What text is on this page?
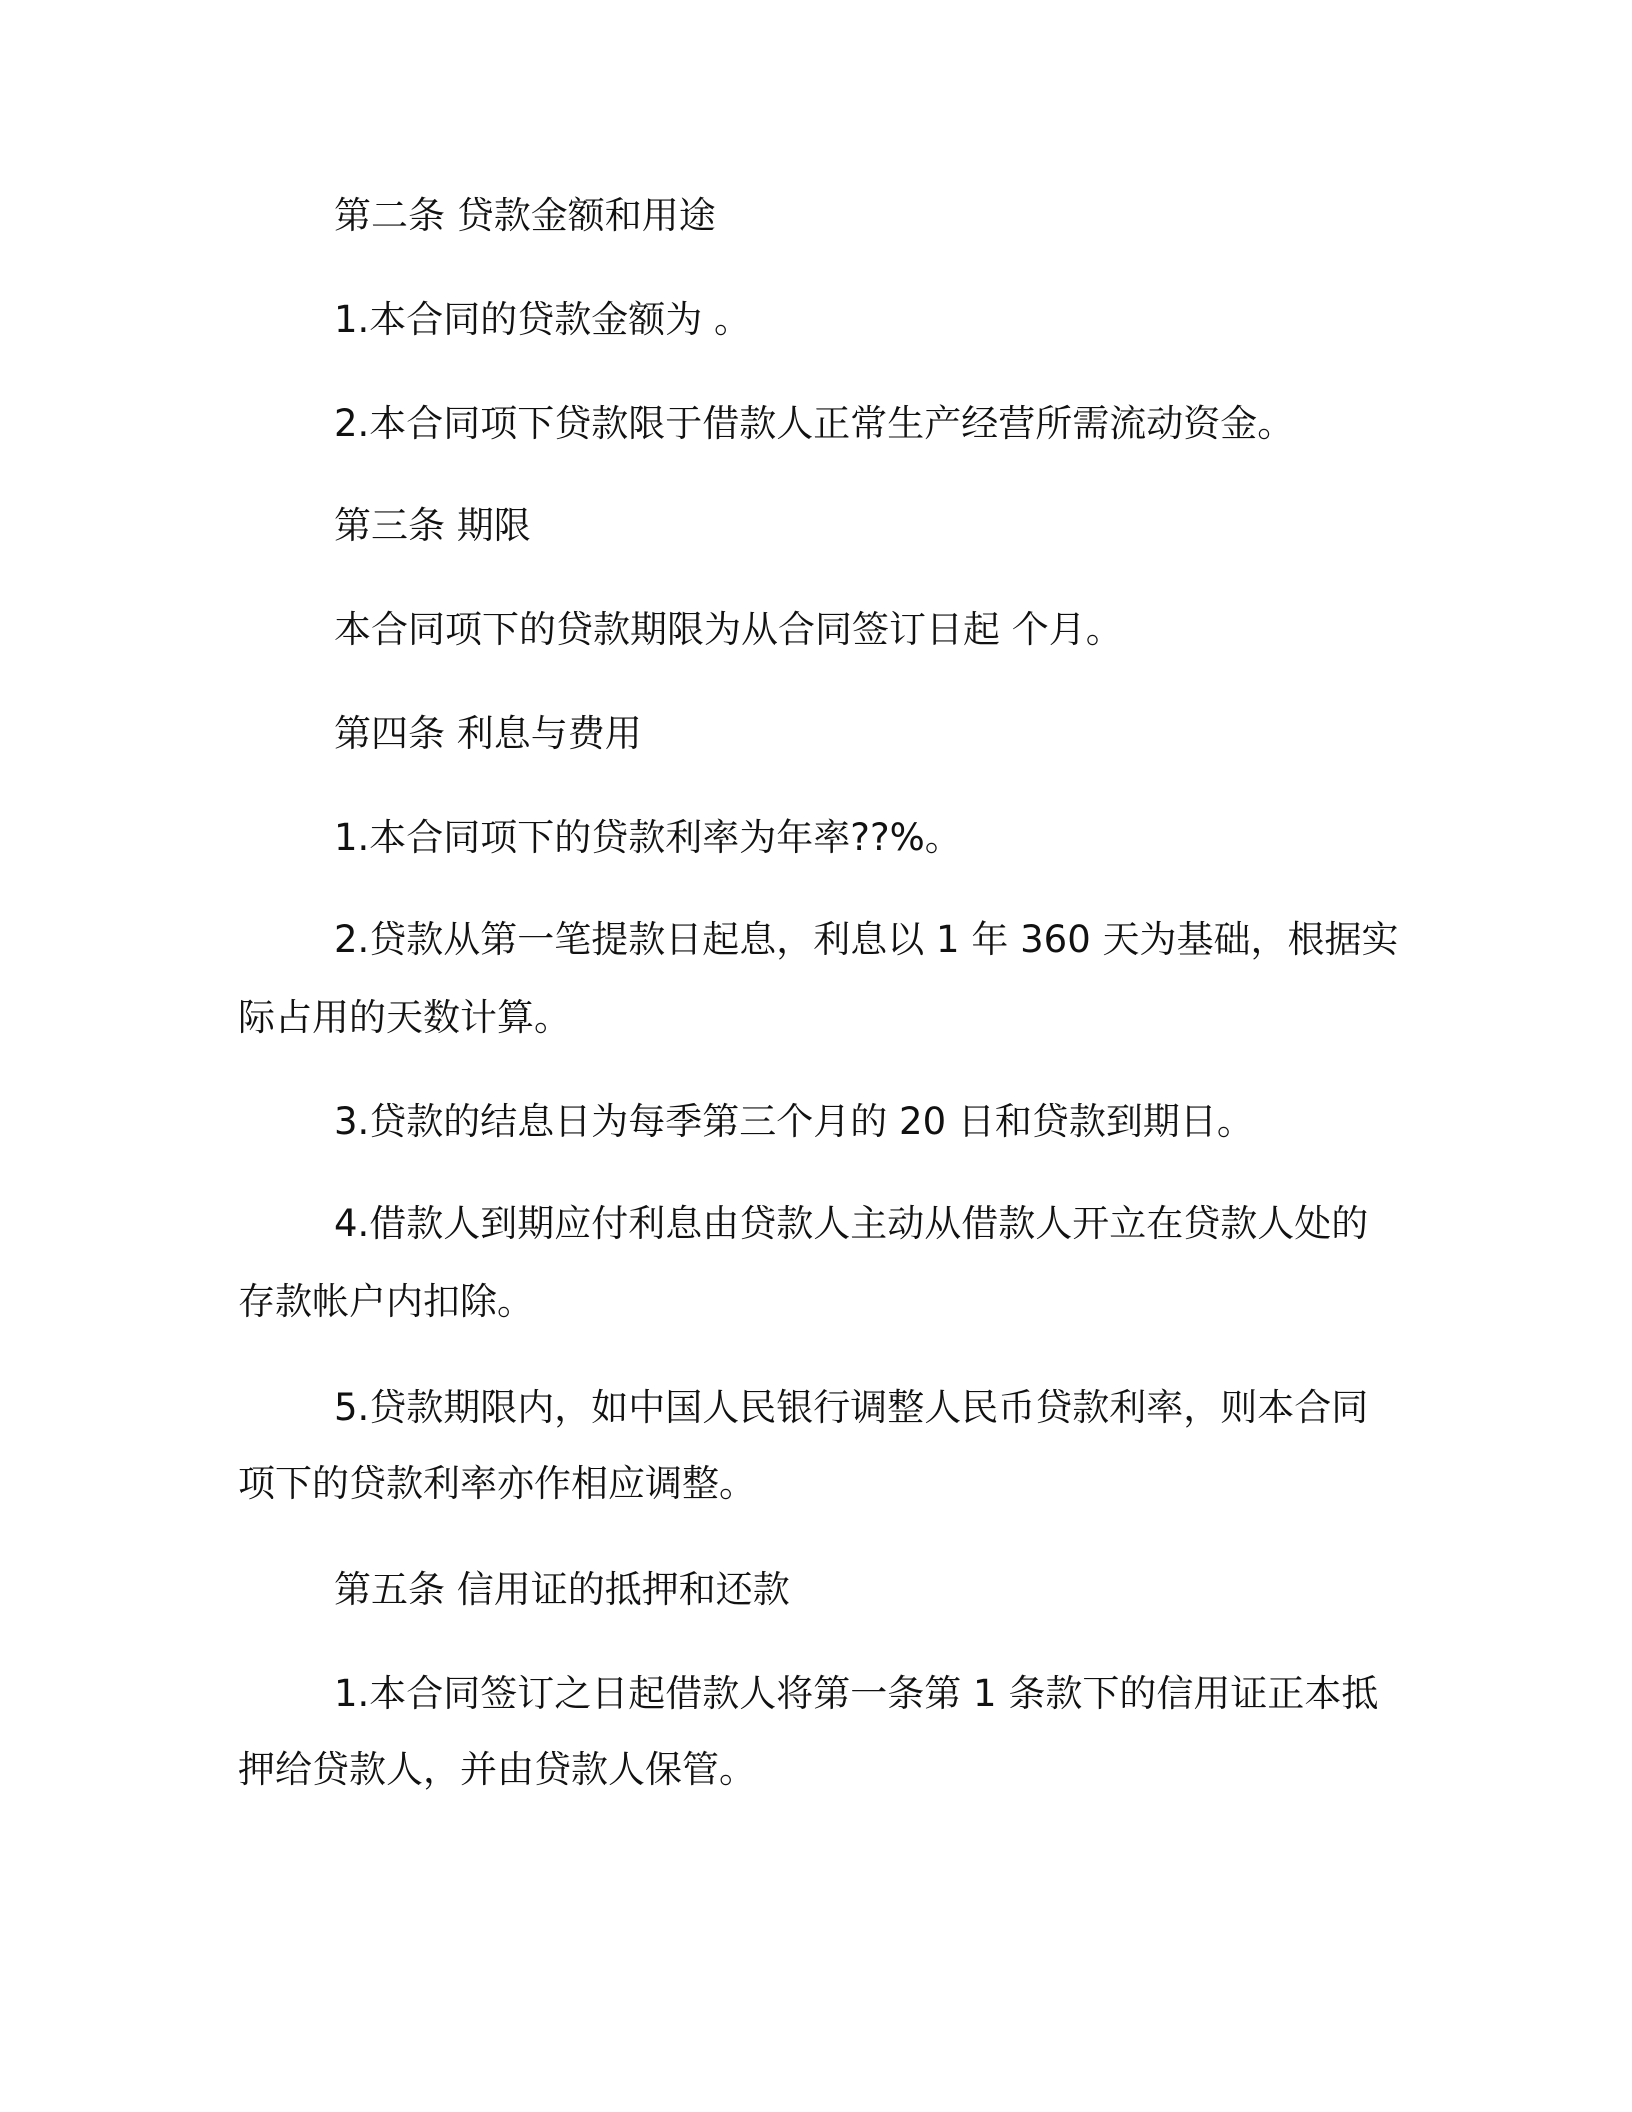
第二条 贷款金额和用途
1.本合同的贷款金额为 。
2.本合同项下贷款限于借款人正常生产经营所需流动资金。
第三条 期限
本合同项下的贷款期限为从合同签订日起 个月。
第四条 利息与费用
1.本合同项下的贷款利率为年率??%。
2.贷款从第一笔提款日起息，利息以 1 年 360 天为基础，根据实
际占用的天数计算。
3.贷款的结息日为每季第三个月的 20 日和贷款到期日。
4.借款人到期应付利息由贷款人主动从借款人开立在贷款人处的
存款帐户内扣除。
5.贷款期限内，如中国人民银行调整人民币贷款利率，则本合同
项下的贷款利率亦作相应调整。
第五条 信用证的抵押和还款
1.本合同签订之日起借款人将第一条第 1 条款下的信用证正本抵
押给贷款人，并由贷款人保管。
